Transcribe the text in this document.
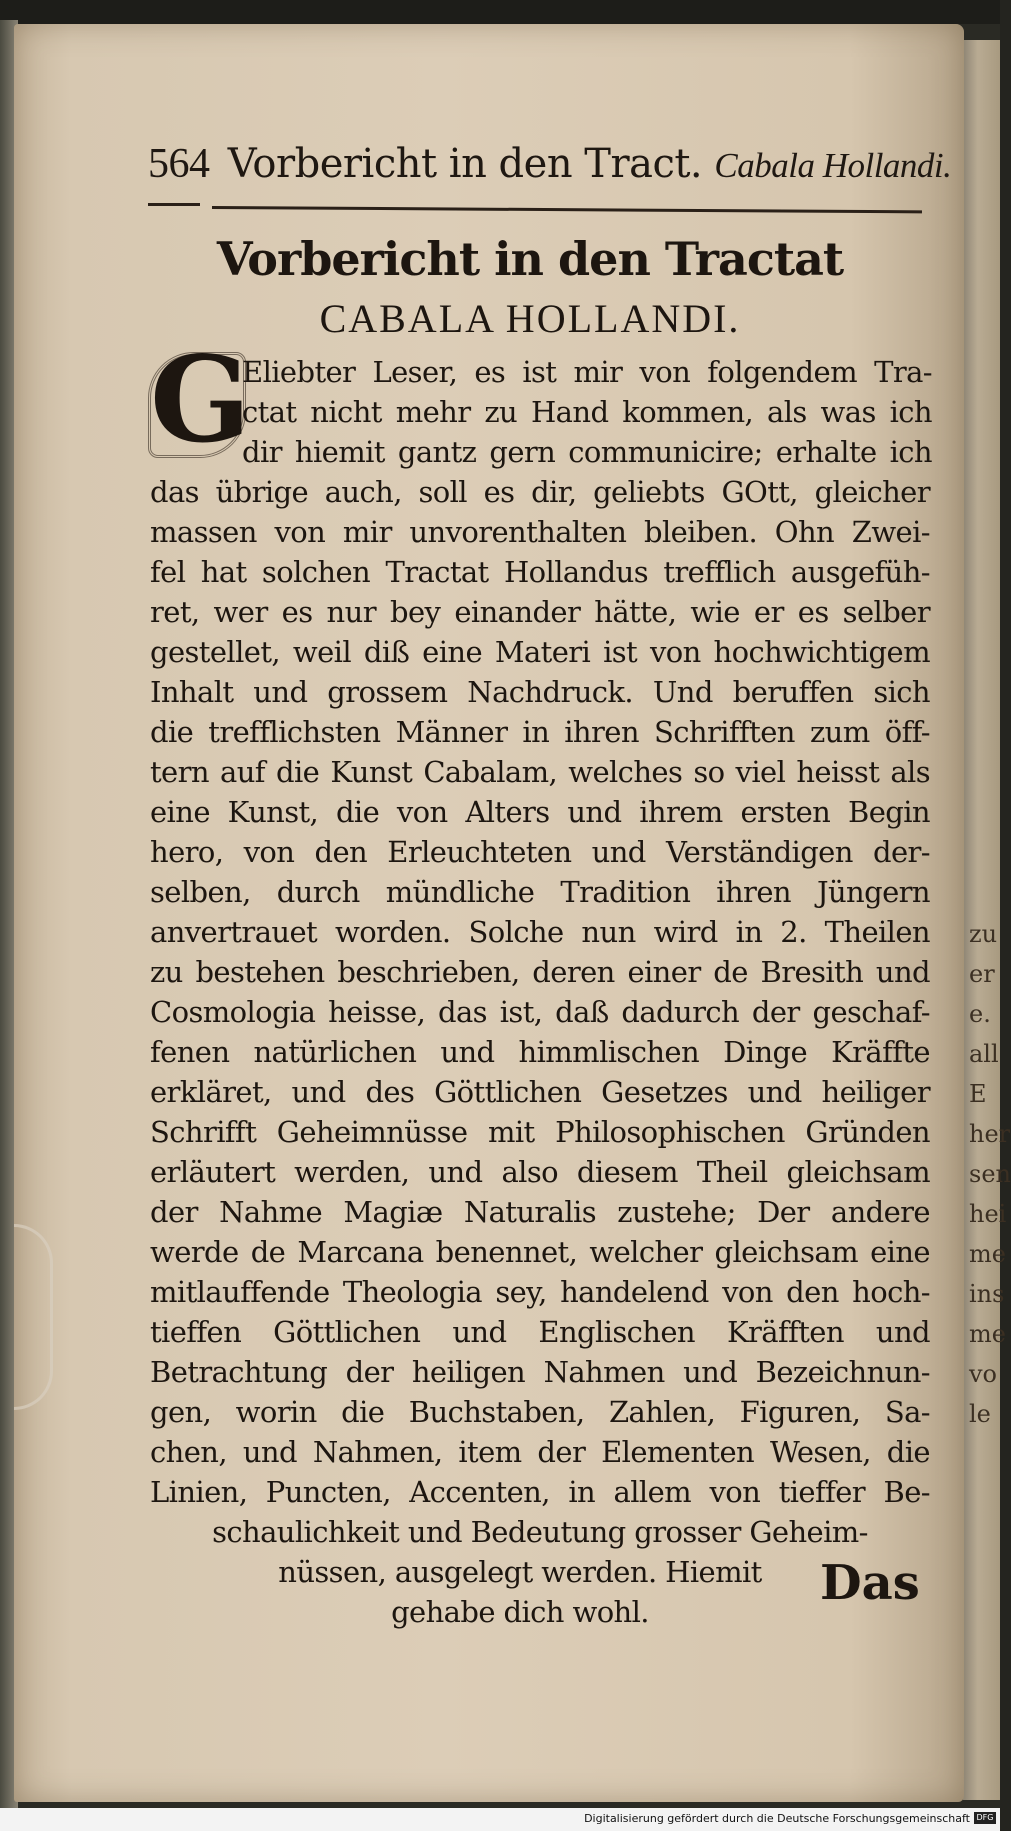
zu
er
e.
all
E
her
sen
hei
me
ins
me
vo
le
564 Vorbericht in den Tract. Cabala Hollandi.
Vorbericht in den Tractat
CABALA HOLLANDI.
G
Eliebter Leser, es ist mir von folgendem Tra-
ctat nicht mehr zu Hand kommen, als was ich
dir hiemit gantz gern communicire; erhalte ich
das übrige auch, soll es dir, geliebts GOtt, gleicher
massen von mir unvorenthalten bleiben. Ohn Zwei-
fel hat solchen Tractat Hollandus trefflich ausgefüh-
ret, wer es nur bey einander hätte, wie er es selber
gestellet, weil diß eine Materi ist von hochwichtigem
Inhalt und grossem Nachdruck. Und beruffen sich
die trefflichsten Männer in ihren Schrifften zum öff-
tern auf die Kunst Cabalam, welches so viel heisst als
eine Kunst, die von Alters und ihrem ersten Begin
hero, von den Erleuchteten und Verständigen der-
selben, durch mündliche Tradition ihren Jüngern
anvertrauet worden. Solche nun wird in 2. Theilen
zu bestehen beschrieben, deren einer de Bresith und
Cosmologia heisse, das ist, daß dadurch der geschaf-
fenen natürlichen und himmlischen Dinge Kräffte
erkläret, und des Göttlichen Gesetzes und heiliger
Schrifft Geheimnüsse mit Philosophischen Gründen
erläutert werden, und also diesem Theil gleichsam
der Nahme Magiæ Naturalis zustehe; Der andere
werde de Marcana benennet, welcher gleichsam eine
mitlauffende Theologia sey, handelend von den hoch-
tieffen Göttlichen und Englischen Kräfften und
Betrachtung der heiligen Nahmen und Bezeichnun-
gen, worin die Buchstaben, Zahlen, Figuren, Sa-
chen, und Nahmen, item der Elementen Wesen, die
Linien, Puncten, Accenten, in allem von tieffer Be-
schaulichkeit und Bedeutung grosser Geheim-
nüssen, ausgelegt werden. Hiemit
gehabe dich wohl.
Das
Digitalisierung gefördert durch die Deutsche Forschungsgemeinschaft DFG
